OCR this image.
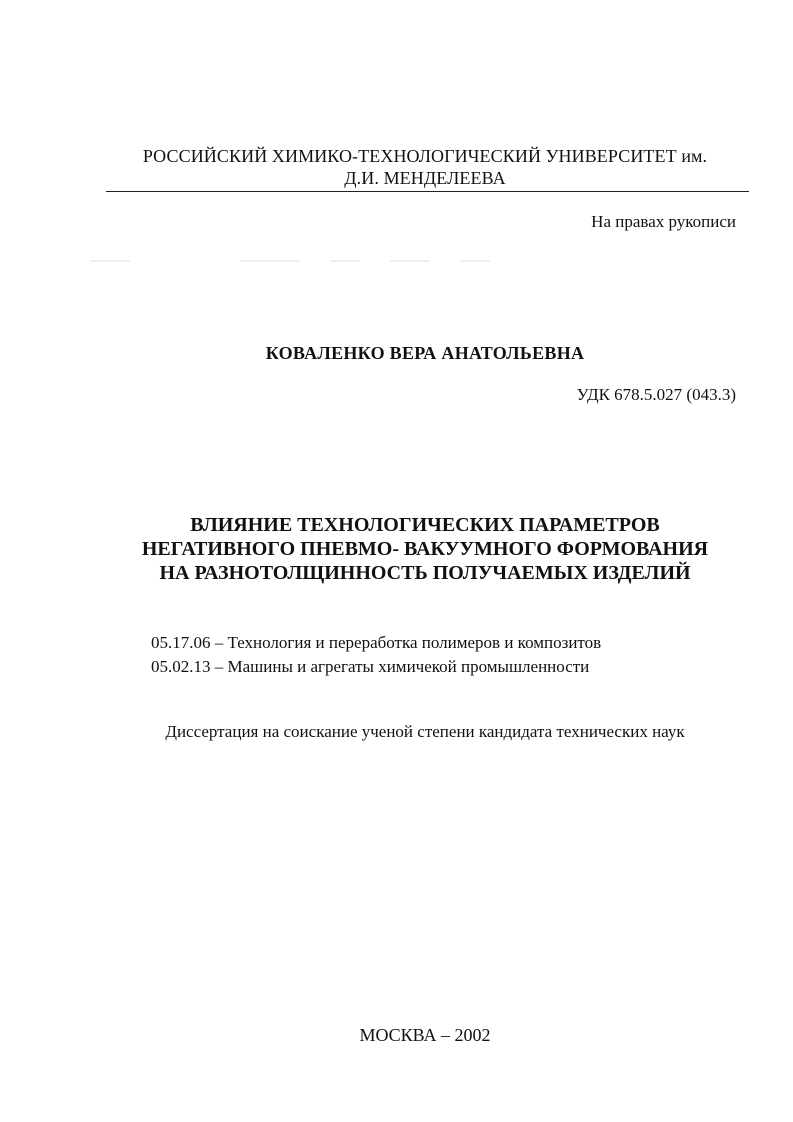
РОССИЙСКИЙ ХИМИКО-ТЕХНОЛОГИЧЕСКИЙ УНИВЕРСИТЕТ им.
Д.И. МЕНДЕЛЕЕВА
На правах рукописи
КОВАЛЕНКО ВЕРА АНАТОЛЬЕВНА
УДК 678.5.027 (043.3)
ВЛИЯНИЕ ТЕХНОЛОГИЧЕСКИХ ПАРАМЕТРОВ
НЕГАТИВНОГО ПНЕВМО- ВАКУУМНОГО ФОРМОВАНИЯ
НА РАЗНОТОЛЩИННОСТЬ ПОЛУЧАЕМЫХ ИЗДЕЛИЙ
05.17.06 – Технология и переработка полимеров и композитов
05.02.13 – Машины и агрегаты химичекой промышленности
Диссертация на соискание ученой степени кандидата технических наук
МОСКВА – 2002
